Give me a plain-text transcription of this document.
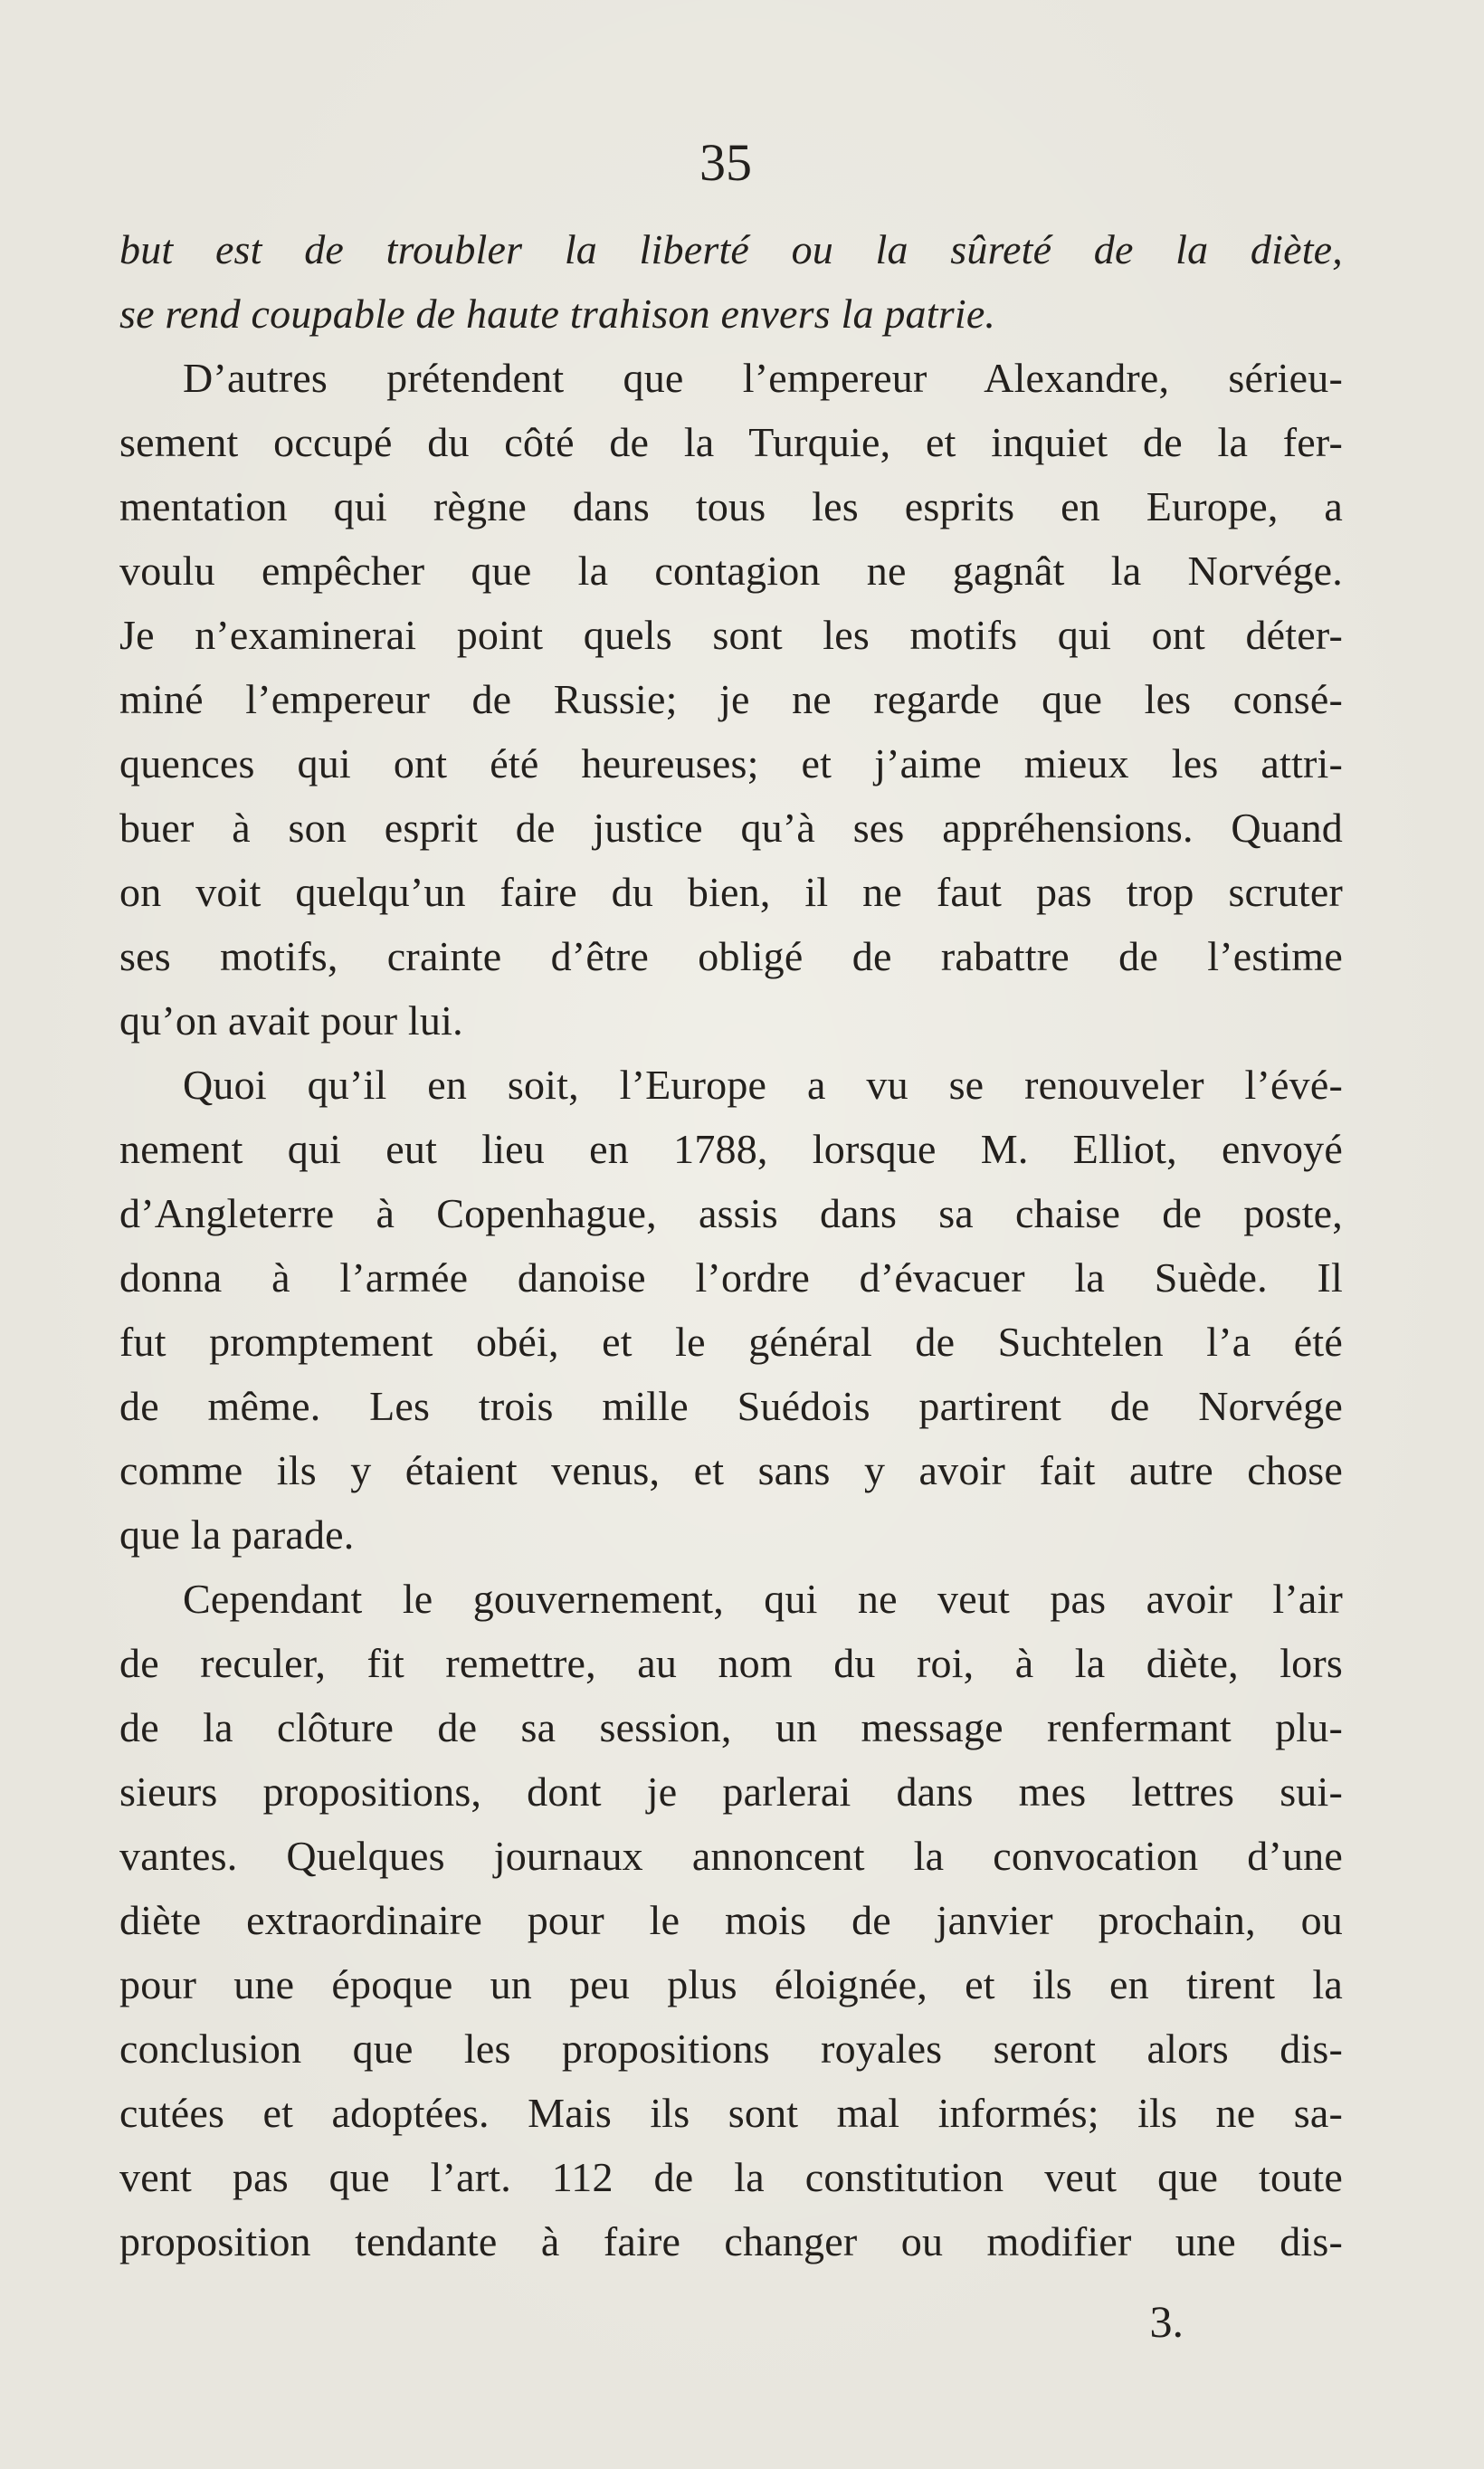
35
but est de troubler la liberté ou la sûreté de la diète,
se rend coupable de haute trahison envers la patrie.
D’autres prétendent que l’empereur Alexandre, sérieu-
sement occupé du côté de la Turquie, et inquiet de la fer-
mentation qui règne dans tous les esprits en Europe, a
voulu empêcher que la contagion ne gagnât la Norvége.
Je n’examinerai point quels sont les motifs qui ont déter-
miné l’empereur de Russie; je ne regarde que les consé-
quences qui ont été heureuses; et j’aime mieux les attri-
buer à son esprit de justice qu’à ses appréhensions. Quand
on voit quelqu’un faire du bien, il ne faut pas trop scruter
ses motifs, crainte d’être obligé de rabattre de l’estime
qu’on avait pour lui.
Quoi qu’il en soit, l’Europe a vu se renouveler l’évé-
nement qui eut lieu en 1788, lorsque M. Elliot, envoyé
d’Angleterre à Copenhague, assis dans sa chaise de poste,
donna à l’armée danoise l’ordre d’évacuer la Suède. Il
fut promptement obéi, et le général de Suchtelen l’a été
de même. Les trois mille Suédois partirent de Norvége
comme ils y étaient venus, et sans y avoir fait autre chose
que la parade.
Cependant le gouvernement, qui ne veut pas avoir l’air
de reculer, fit remettre, au nom du roi, à la diète, lors
de la clôture de sa session, un message renfermant plu-
sieurs propositions, dont je parlerai dans mes lettres sui-
vantes. Quelques journaux annoncent la convocation d’une
diète extraordinaire pour le mois de janvier prochain, ou
pour une époque un peu plus éloignée, et ils en tirent la
conclusion que les propositions royales seront alors dis-
cutées et adoptées. Mais ils sont mal informés; ils ne sa-
vent pas que l’art. 112 de la constitution veut que toute
proposition tendante à faire changer ou modifier une dis-
3.
